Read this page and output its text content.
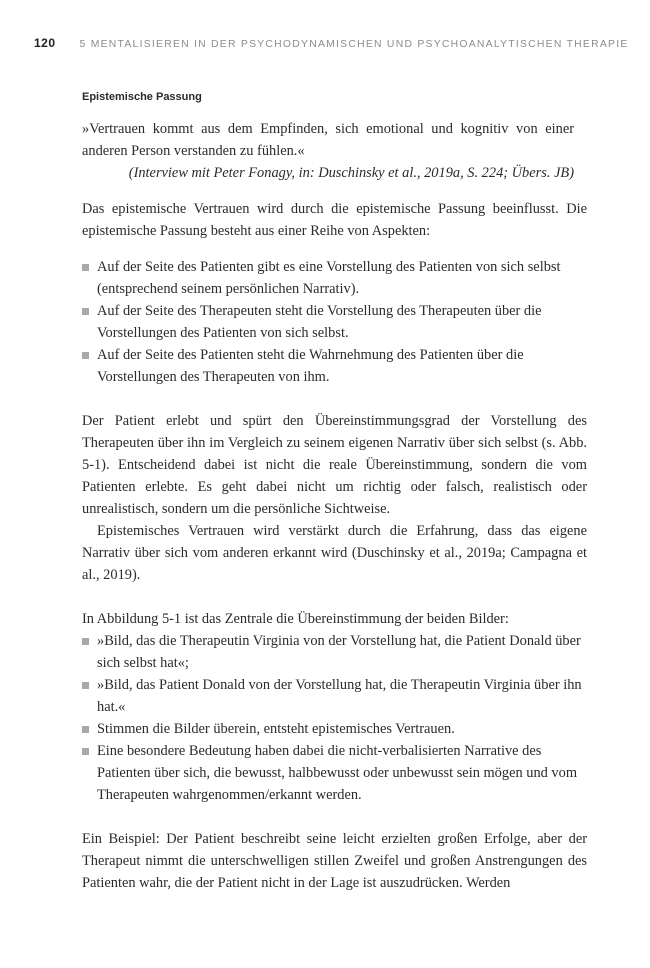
120 5 MENTALISIEREN IN DER PSYCHODYNAMISCHEN UND PSYCHOANALYTISCHEN THERAPIE
Epistemische Passung

»Vertrauen kommt aus dem Empfinden, sich emotional und kognitiv von einer anderen Person verstanden zu fühlen.«

(Interview mit Peter Fonagy, in: Duschinsky et al., 2019a, S. 224; Übers. JB)

Das epistemische Vertrauen wird durch die epistemische Passung beeinflusst. Die epistemische Passung besteht aus einer Reihe von Aspekten:

Auf der Seite des Patienten gibt es eine Vorstellung des Patienten von sich selbst (entsprechend seinem persönlichen Narrativ).
Auf der Seite des Therapeuten steht die Vorstellung des Therapeuten über die Vorstellungen des Patienten von sich selbst.
Auf der Seite des Patienten steht die Wahrnehmung des Patienten über die Vorstellungen des Therapeuten von ihm.

Der Patient erlebt und spürt den Übereinstimmungsgrad der Vorstellung des Therapeuten über ihn im Vergleich zu seinem eigenen Narrativ über sich selbst (s. Abb. 5-1). Entscheidend dabei ist nicht die reale Übereinstimmung, sondern die vom Patienten erlebte. Es geht dabei nicht um richtig oder falsch, realistisch oder unrealistisch, sondern um die persönliche Sichtweise.

Epistemisches Vertrauen wird verstärkt durch die Erfahrung, dass das eigene Narrativ über sich vom anderen erkannt wird (Duschinsky et al., 2019a; Campagna et al., 2019).

In Abbildung 5-1 ist das Zentrale die Übereinstimmung der beiden Bilder:

»Bild, das die Therapeutin Virginia von der Vorstellung hat, die Patient Donald über sich selbst hat«;
»Bild, das Patient Donald von der Vorstellung hat, die Therapeutin Virginia über ihn hat.«
Stimmen die Bilder überein, entsteht epistemisches Vertrauen.
Eine besondere Bedeutung haben dabei die nicht-verbalisierten Narrative des Patienten über sich, die bewusst, halbbewusst oder unbewusst sein mögen und vom Therapeuten wahrgenommen/erkannt werden.

Ein Beispiel: Der Patient beschreibt seine leicht erzielten großen Erfolge, aber der Therapeut nimmt die unterschwelligen stillen Zweifel und großen Anstrengungen des Patienten wahr, die der Patient nicht in der Lage ist auszudrücken. Werden
